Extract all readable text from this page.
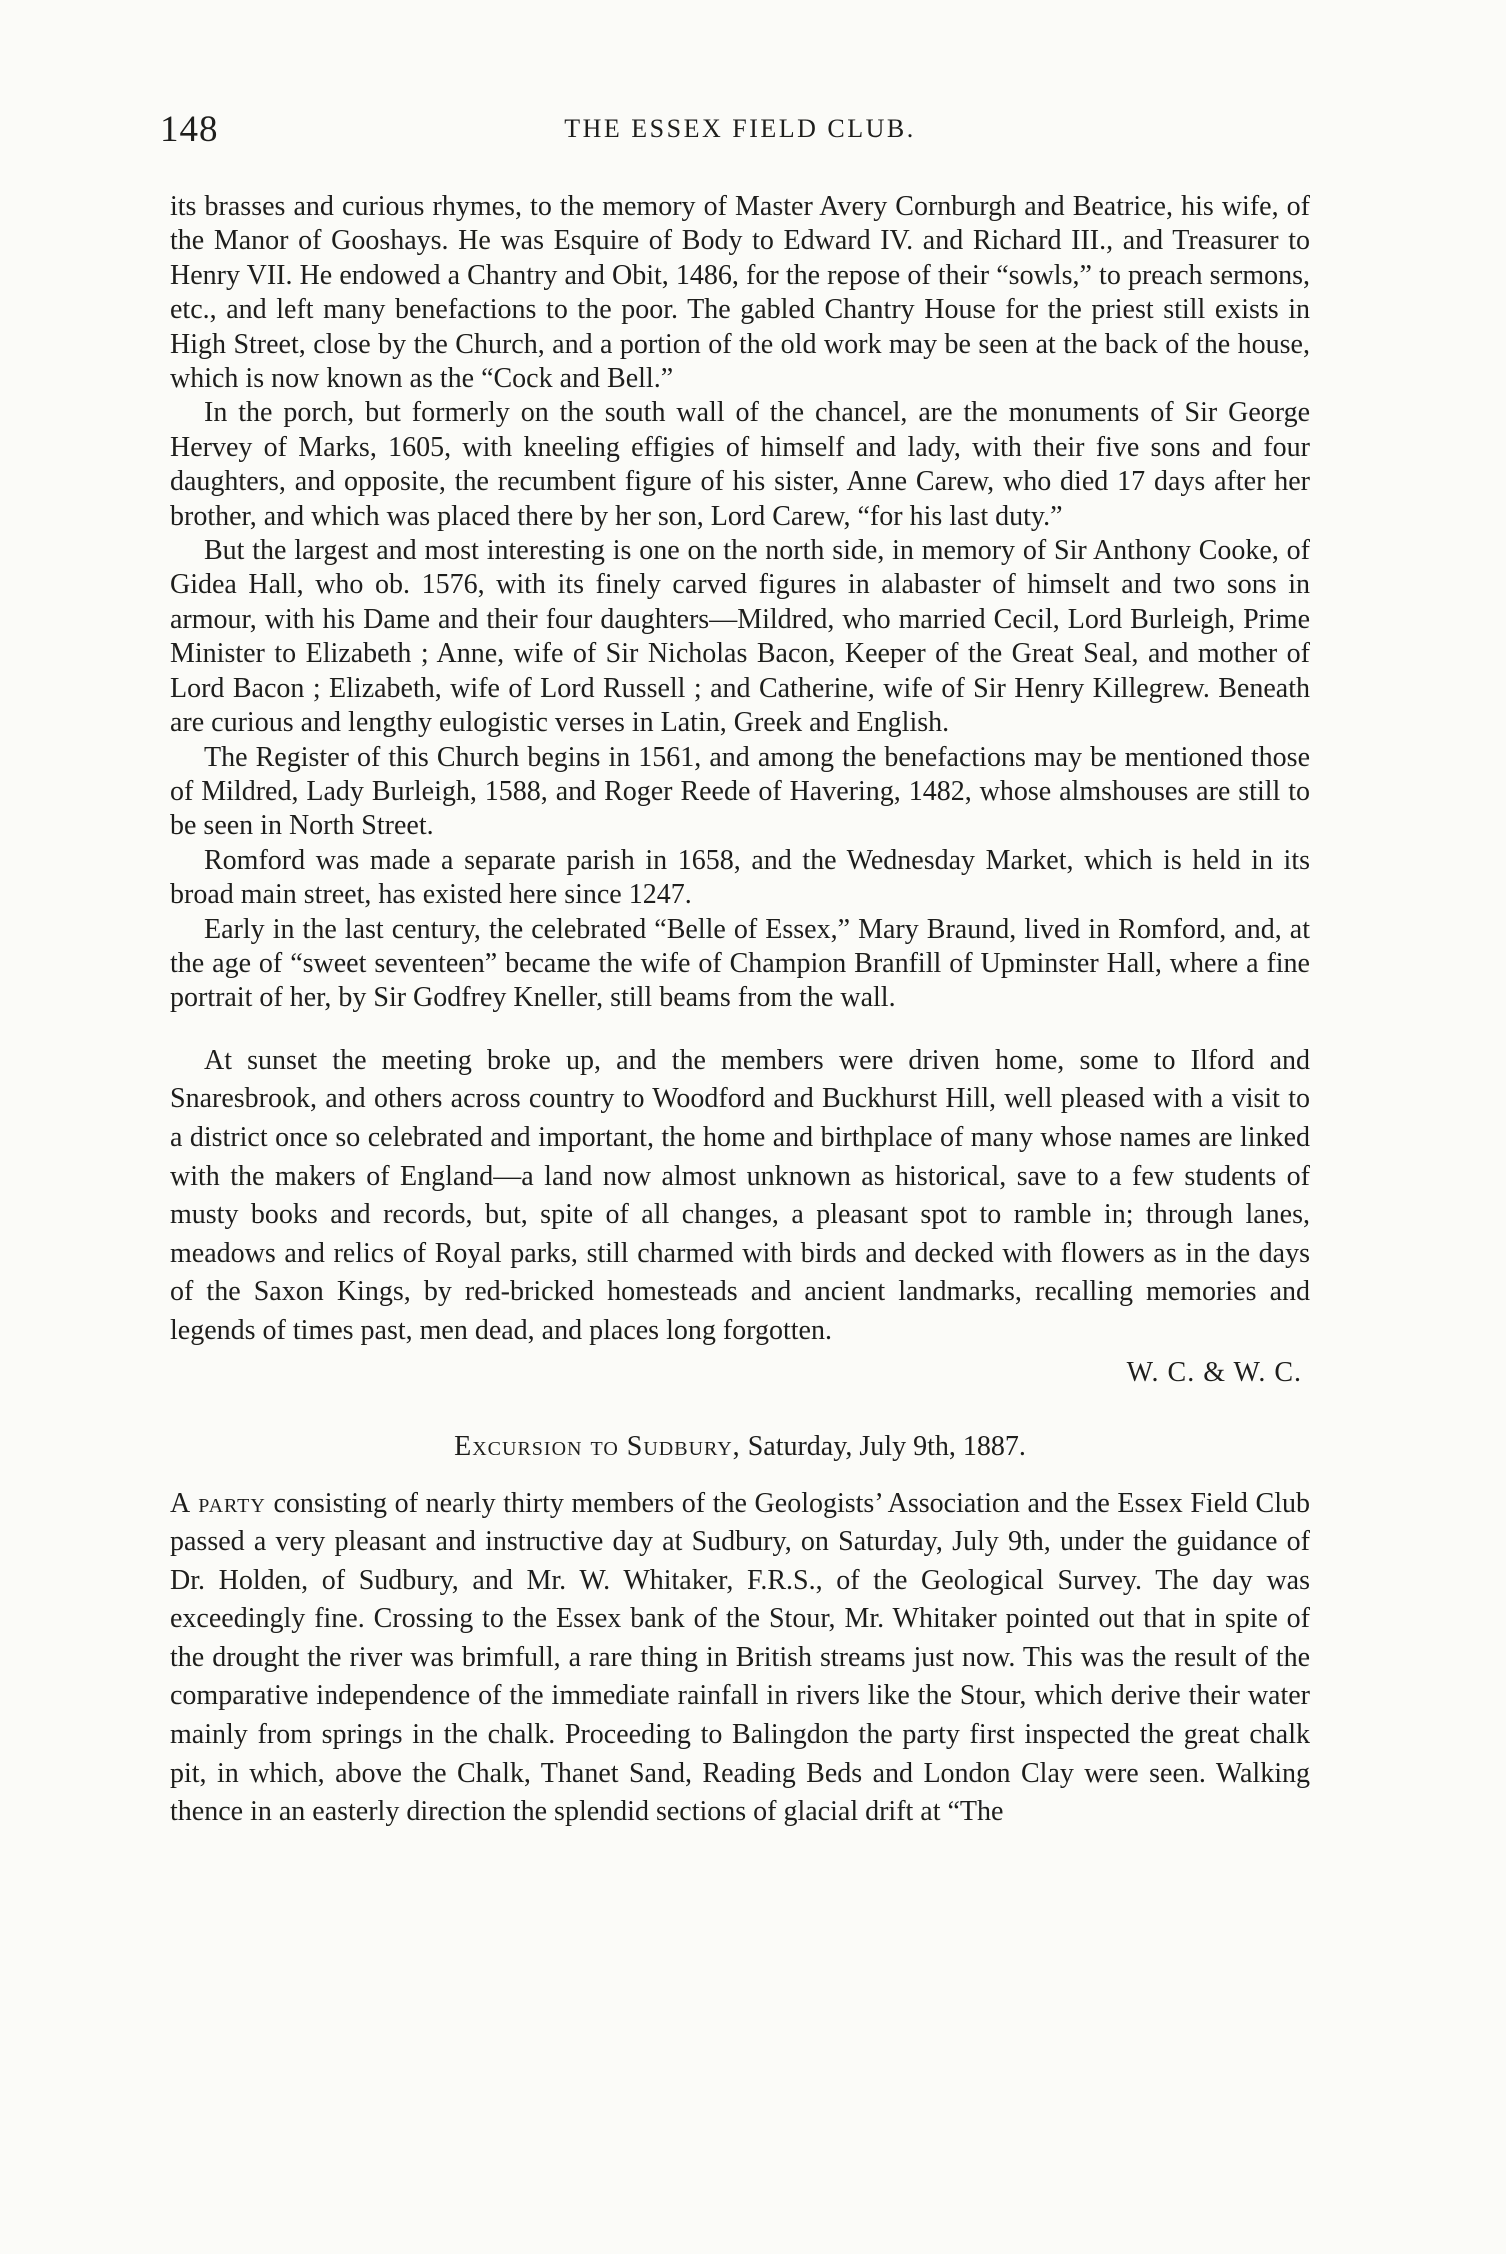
148	THE ESSEX FIELD CLUB.

its brasses and curious rhymes, to the memory of Master Avery Cornburgh and Beatrice, his wife, of the Manor of Gooshays. He was Esquire of Body to Edward IV. and Richard III., and Treasurer to Henry VII. He endowed a Chantry and Obit, 1486, for the repose of their “sowls,” to preach sermons, etc., and left many benefactions to the poor. The gabled Chantry House for the priest still exists in High Street, close by the Church, and a portion of the old work may be seen at the back of the house, which is now known as the “Cock and Bell.”

In the porch, but formerly on the south wall of the chancel, are the monuments of Sir George Hervey of Marks, 1605, with kneeling effigies of himself and lady, with their five sons and four daughters, and opposite, the recumbent figure of his sister, Anne Carew, who died 17 days after her brother, and which was placed there by her son, Lord Carew, “for his last duty.”

But the largest and most interesting is one on the north side, in memory of Sir Anthony Cooke, of Gidea Hall, who ob. 1576, with its finely carved figures in alabaster of himselt and two sons in armour, with his Dame and their four daughters—Mildred, who married Cecil, Lord Burleigh, Prime Minister to Elizabeth ; Anne, wife of Sir Nicholas Bacon, Keeper of the Great Seal, and mother of Lord Bacon ; Elizabeth, wife of Lord Russell ; and Catherine, wife of Sir Henry Killegrew. Beneath are curious and lengthy eulogistic verses in Latin, Greek and English.

The Register of this Church begins in 1561, and among the benefactions may be mentioned those of Mildred, Lady Burleigh, 1588, and Roger Reede of Havering, 1482, whose almshouses are still to be seen in North Street.

Romford was made a separate parish in 1658, and the Wednesday Market, which is held in its broad main street, has existed here since 1247.

Early in the last century, the celebrated “Belle of Essex,” Mary Braund, lived in Romford, and, at the age of “sweet seventeen” became the wife of Champion Branfill of Upminster Hall, where a fine portrait of her, by Sir Godfrey Kneller, still beams from the wall.

At sunset the meeting broke up, and the members were driven home, some to Ilford and Snaresbrook, and others across country to Woodford and Buckhurst Hill, well pleased with a visit to a district once so celebrated and important, the home and birthplace of many whose names are linked with the makers of England—a land now almost unknown as historical, save to a few students of musty books and records, but, spite of all changes, a pleasant spot to ramble in; through lanes, meadows and relics of Royal parks, still charmed with birds and decked with flowers as in the days of the Saxon Kings, by red-bricked homesteads and ancient landmarks, recalling memories and legends of times past, men dead, and places long forgotten.

W. C. & W. C.
Excursion to Sudbury, Saturday, July 9th, 1887.

A party consisting of nearly thirty members of the Geologists’ Association and the Essex Field Club passed a very pleasant and instructive day at Sudbury, on Saturday, July 9th, under the guidance of Dr. Holden, of Sudbury, and Mr. W. Whitaker, F.R.S., of the Geological Survey. The day was exceedingly fine. Crossing to the Essex bank of the Stour, Mr. Whitaker pointed out that in spite of the drought the river was brimfull, a rare thing in British streams just now. This was the result of the comparative independence of the immediate rainfall in rivers like the Stour, which derive their water mainly from springs in the chalk. Proceeding to Balingdon the party first inspected the great chalk pit, in which, above the Chalk, Thanet Sand, Reading Beds and London Clay were seen. Walking thence in an easterly direction the splendid sections of glacial drift at “The
